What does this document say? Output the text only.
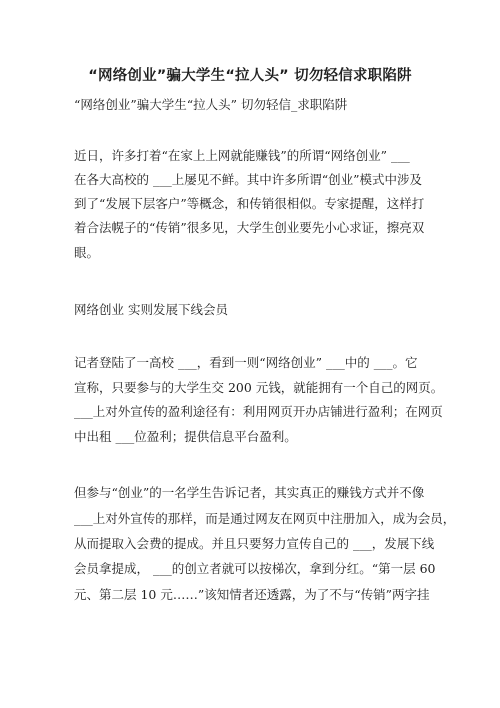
“网络创业”骗大学生“拉人头” 切勿轻信求职陷阱
“网络创业”骗大学生“拉人头” 切勿轻信_求职陷阱
近日，许多打着“在家上上网就能赚钱”的所谓“网络创业” ___
在各大高校的 ___上屡见不鲜。其中许多所谓“创业”模式中涉及
到了“发展下层客户”等概念，和传销很相似。专家提醒，这样打
着合法幌子的“传销”很多见，大学生创业要先小心求证，擦亮双
眼。
网络创业 实则发展下线会员
记者登陆了一高校 ___，看到一则“网络创业” ___中的 ___。它
宣称，只要参与的大学生交 200 元钱，就能拥有一个自己的网页。
___上对外宣传的盈利途径有：利用网页开办店铺进行盈利；在网页
中出租 ___位盈利；提供信息平台盈利。
但参与“创业”的一名学生告诉记者，其实真正的赚钱方式并不像
___上对外宣传的那样，而是通过网友在网页中注册加入，成为会员，
从而提取入会费的提成。并且只要努力宣传自己的 ___，发展下线
会员拿提成， ___的创立者就可以按梯次，拿到分红。“第一层 60
元、第二层 10 元……”该知情者还透露，为了不与“传销”两字挂
